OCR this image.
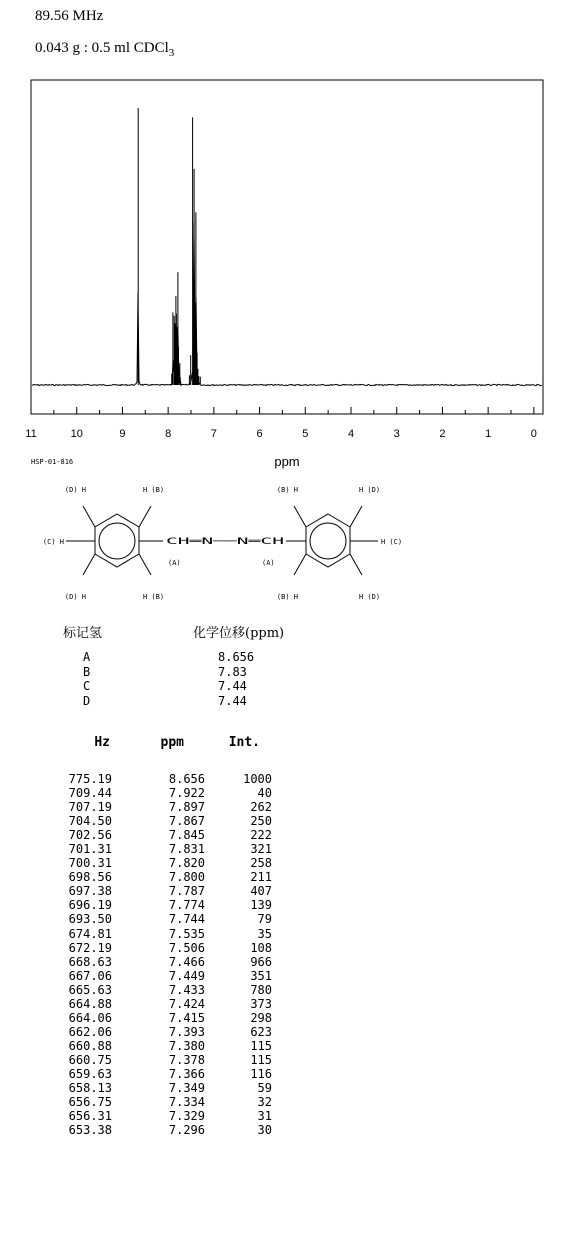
89.56 MHz
0.043 g : 0.5 ml CDCl$_3$
11	10	9	8	7	6	5	4	3	2	1	0
ppm
HSP-01-816
(D) H	H (B)	(B) H	H (D)
(C) H	H (C)
(D) H	H (B)	(B) H	H (D)
CH═N──N═CH
(A)	(A)
标记氢	化学位移(ppm)
A	8.656
B	7.83
C	7.44
D	7.44
Hz	ppm	Int.
775.19	8.656	1000
709.44	7.922	40
707.19	7.897	262
704.50	7.867	250
702.56	7.845	222
701.31	7.831	321
700.31	7.820	258
698.56	7.800	211
697.38	7.787	407
696.19	7.774	139
693.50	7.744	79
674.81	7.535	35
672.19	7.506	108
668.63	7.466	966
667.06	7.449	351
665.63	7.433	780
664.88	7.424	373
664.06	7.415	298
662.06	7.393	623
660.88	7.380	115
660.75	7.378	115
659.63	7.366	116
658.13	7.349	59
656.75	7.334	32
656.31	7.329	31
653.38	7.296	30
